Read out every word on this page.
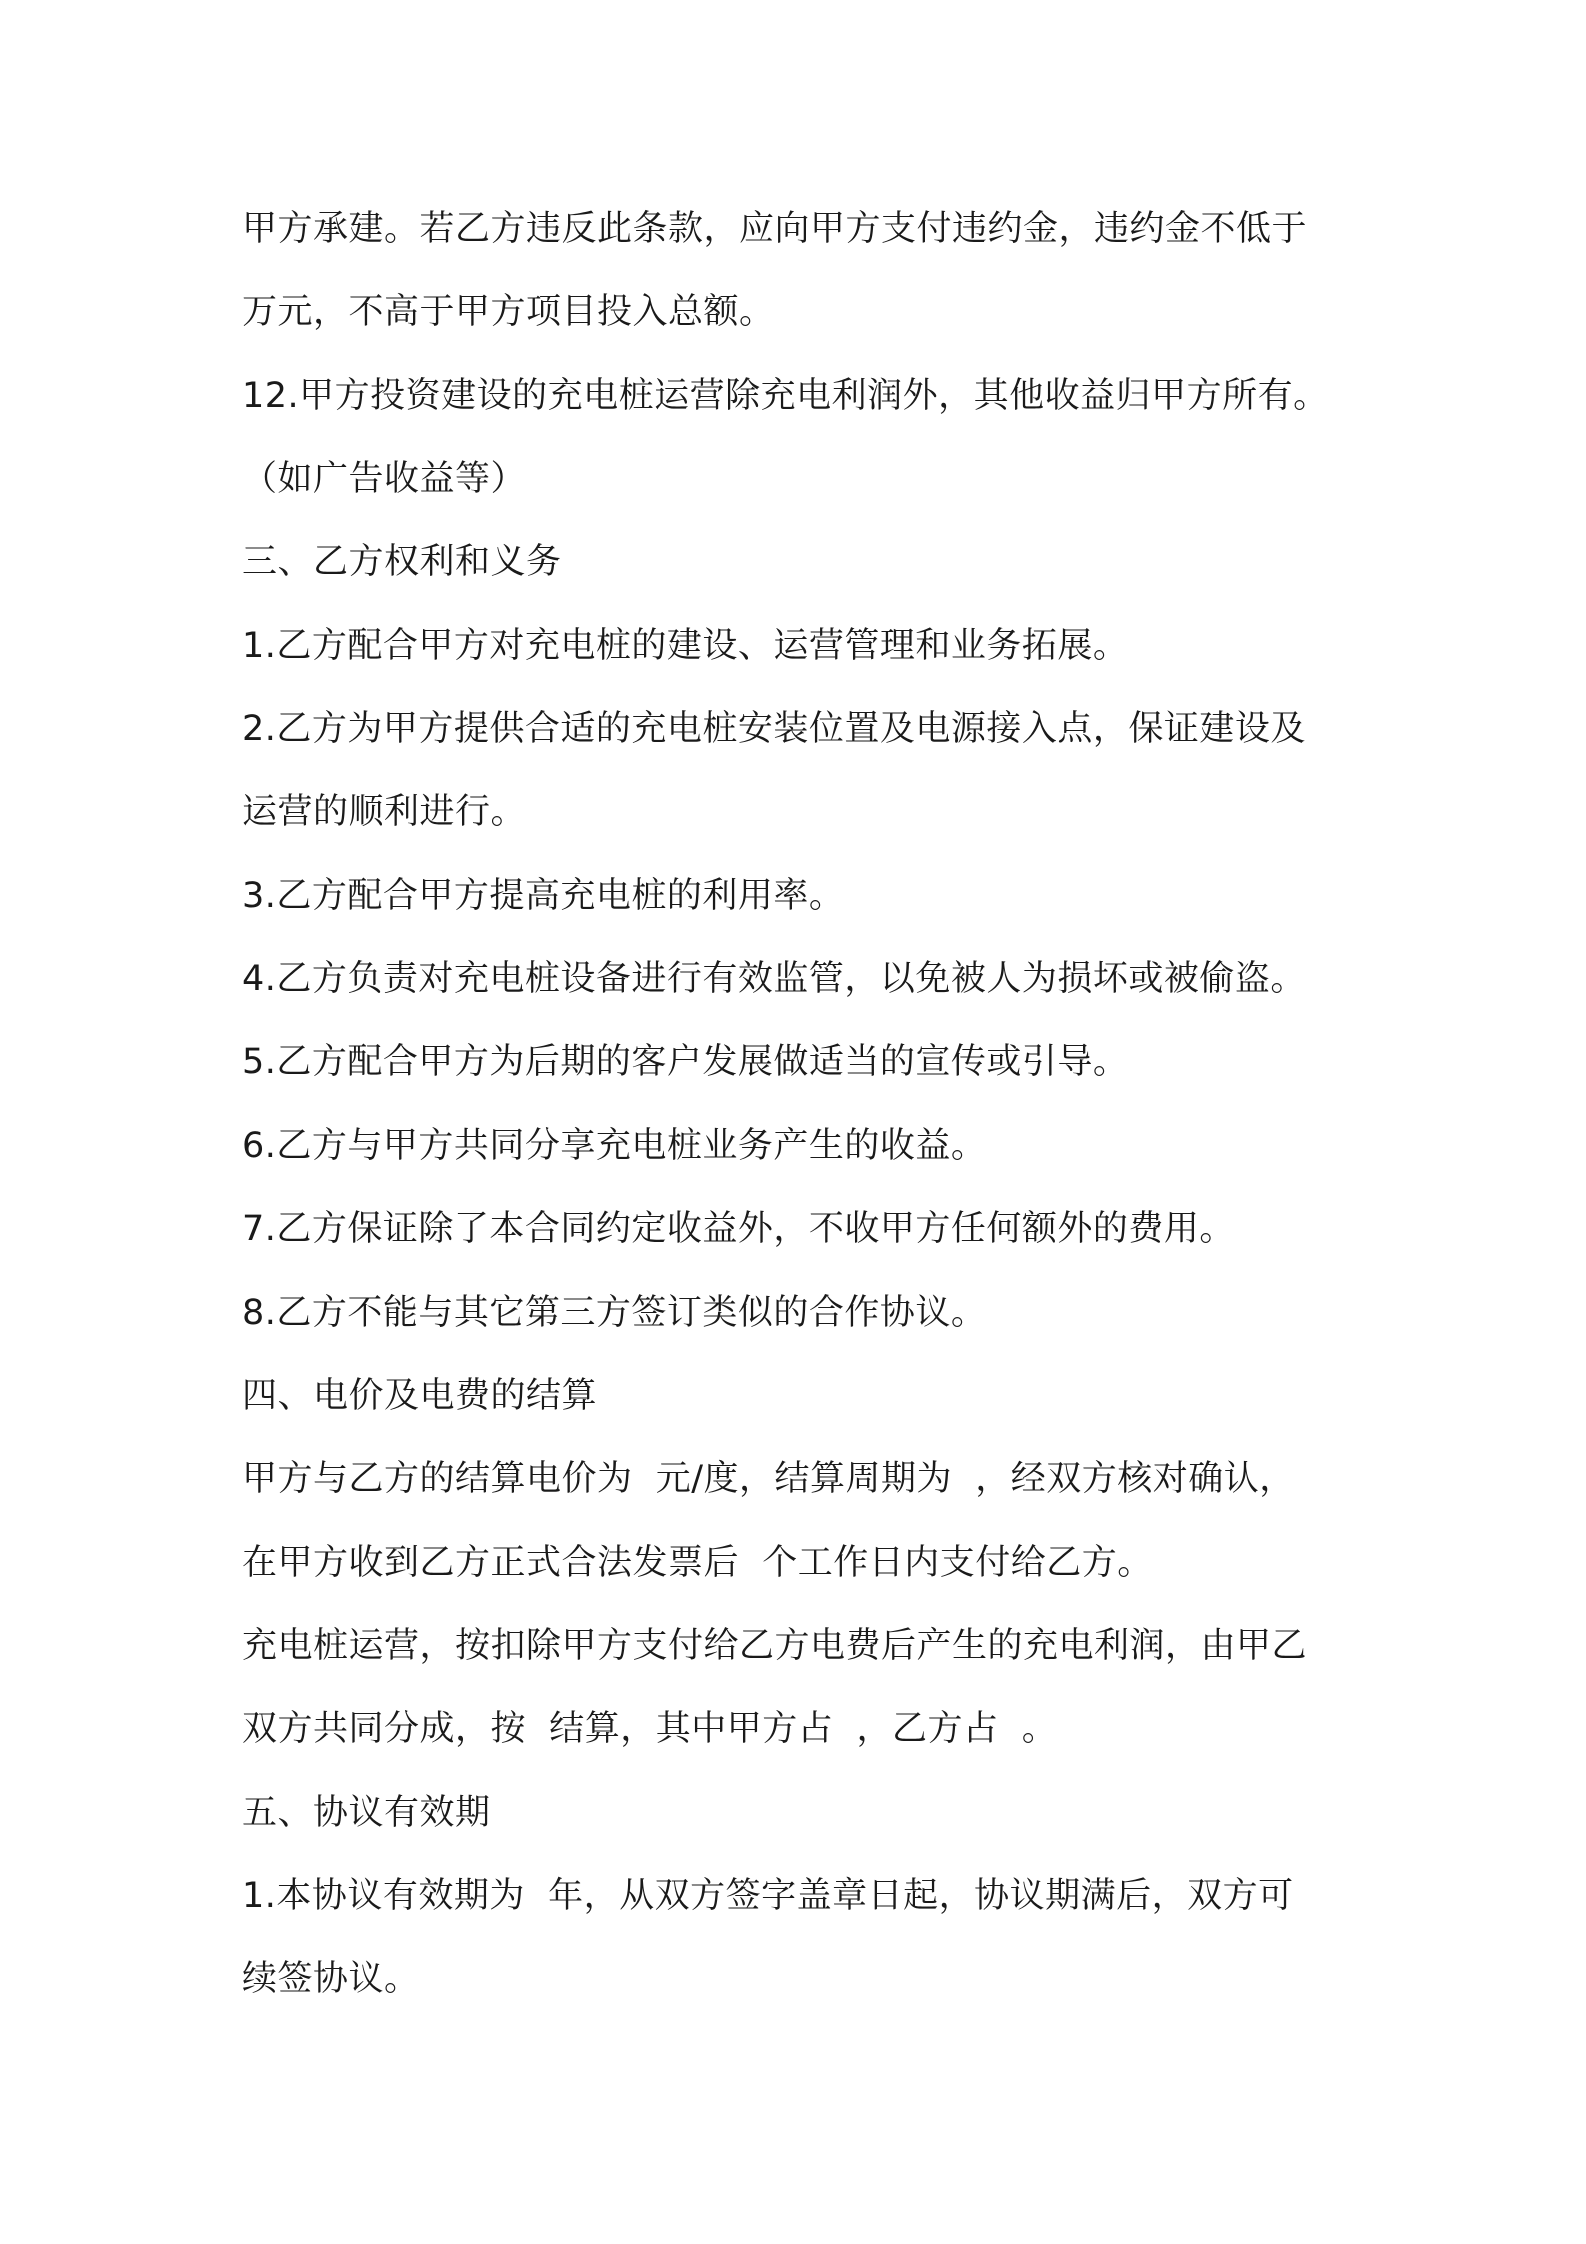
甲方承建。若乙方违反此条款，应向甲方支付违约金，违约金不低于

万元，不高于甲方项目投入总额。

12.甲方投资建设的充电桩运营除充电利润外，其他收益归甲方所有。

（如广告收益等）

三、乙方权利和义务

1.乙方配合甲方对充电桩的建设、运营管理和业务拓展。

2.乙方为甲方提供合适的充电桩安装位置及电源接入点，保证建设及

运营的顺利进行。

3.乙方配合甲方提高充电桩的利用率。

4.乙方负责对充电桩设备进行有效监管，以免被人为损坏或被偷盗。

5.乙方配合甲方为后期的客户发展做适当的宣传或引导。

6.乙方与甲方共同分享充电桩业务产生的收益。

7.乙方保证除了本合同约定收益外，不收甲方任何额外的费用。

8.乙方不能与其它第三方签订类似的合作协议。

四、电价及电费的结算

甲方与乙方的结算电价为  元/度，结算周期为  ，经双方核对确认，

在甲方收到乙方正式合法发票后  个工作日内支付给乙方。

充电桩运营，按扣除甲方支付给乙方电费后产生的充电利润，由甲乙

双方共同分成，按  结算，其中甲方占  ，乙方占  。

五、协议有效期

1.本协议有效期为  年，从双方签字盖章日起，协议期满后，双方可

续签协议。
